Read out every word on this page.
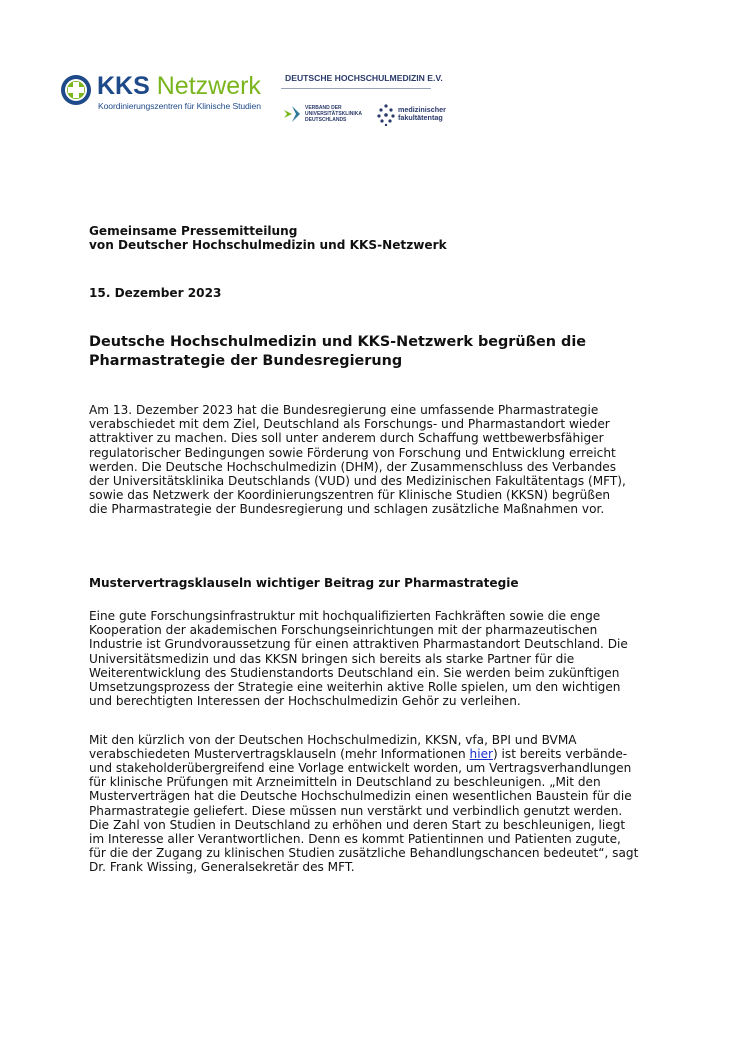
KKS Netzwerk
Koordinierungszentren für Klinische Studien
DEUTSCHE HOCHSCHULMEDIZIN E.V.
VERBAND DER
UNIVERSITÄTSKLINIKA
DEUTSCHLANDS
medizinischer
fakultätentag
Gemeinsame Pressemitteilung
von Deutscher Hochschulmedizin und KKS-Netzwerk
15. Dezember 2023
Deutsche Hochschulmedizin und KKS-Netzwerk begrüßen die
Pharmastrategie der Bundesregierung
Am 13. Dezember 2023 hat die Bundesregierung eine umfassende Pharmastrategie
verabschiedet mit dem Ziel, Deutschland als Forschungs- und Pharmastandort wieder
attraktiver zu machen. Dies soll unter anderem durch Schaffung wettbewerbsfähiger
regulatorischer Bedingungen sowie Förderung von Forschung und Entwicklung erreicht
werden. Die Deutsche Hochschulmedizin (DHM), der Zusammenschluss des Verbandes
der Universitätsklinika Deutschlands (VUD) und des Medizinischen Fakultätentags (MFT),
sowie das Netzwerk der Koordinierungszentren für Klinische Studien (KKSN) begrüßen
die Pharmastrategie der Bundesregierung und schlagen zusätzliche Maßnahmen vor.
Mustervertragsklauseln wichtiger Beitrag zur Pharmastrategie
Eine gute Forschungsinfrastruktur mit hochqualifizierten Fachkräften sowie die enge
Kooperation der akademischen Forschungseinrichtungen mit der pharmazeutischen
Industrie ist Grundvoraussetzung für einen attraktiven Pharmastandort Deutschland. Die
Universitätsmedizin und das KKSN bringen sich bereits als starke Partner für die
Weiterentwicklung des Studienstandorts Deutschland ein. Sie werden beim zukünftigen
Umsetzungsprozess der Strategie eine weiterhin aktive Rolle spielen, um den wichtigen
und berechtigten Interessen der Hochschulmedizin Gehör zu verleihen.
Mit den kürzlich von der Deutschen Hochschulmedizin, KKSN, vfa, BPI und BVMA
verabschiedeten Mustervertragsklauseln (mehr Informationen hier) ist bereits verbände-
und stakeholderübergreifend eine Vorlage entwickelt worden, um Vertragsverhandlungen
für klinische Prüfungen mit Arzneimitteln in Deutschland zu beschleunigen. „Mit den
Musterverträgen hat die Deutsche Hochschulmedizin einen wesentlichen Baustein für die
Pharmastrategie geliefert. Diese müssen nun verstärkt und verbindlich genutzt werden.
Die Zahl von Studien in Deutschland zu erhöhen und deren Start zu beschleunigen, liegt
im Interesse aller Verantwortlichen. Denn es kommt Patientinnen und Patienten zugute,
für die der Zugang zu klinischen Studien zusätzliche Behandlungschancen bedeutet“, sagt
Dr. Frank Wissing, Generalsekretär des MFT.
